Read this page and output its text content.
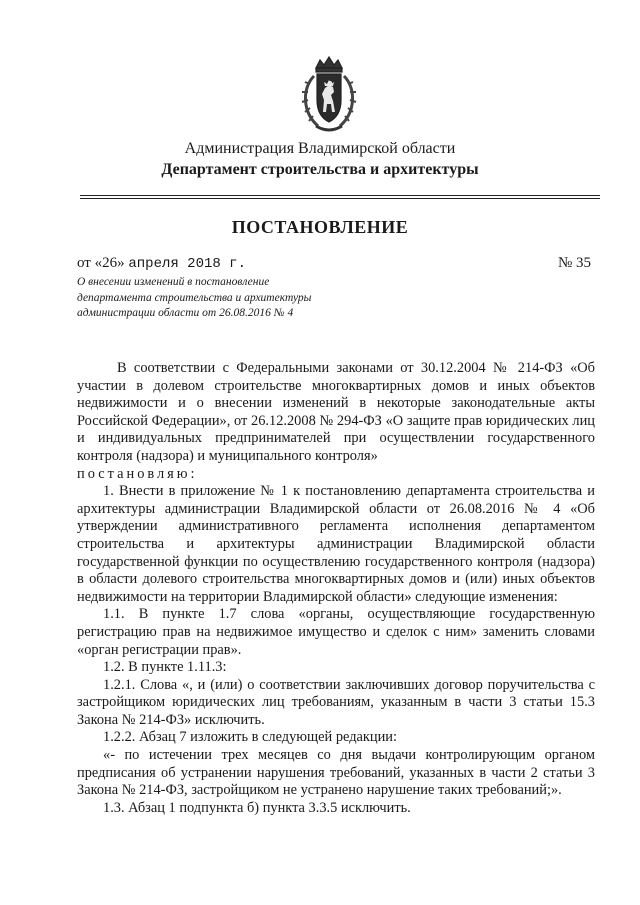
Администрация Владимирской области
Департамент строительства и архитектуры
ПОСТАНОВЛЕНИЕ
от «26» апреля 2018 г.	№ 35
О внесении изменений в постановление
департамента строительства и архитектуры
администрации области от 26.08.2016 № 4

В соответствии с Федеральными законами от 30.12.2004 № 214-ФЗ «Об участии в долевом строительстве многоквартирных домов и иных объектов недвижимости и о внесении изменений в некоторые законодательные акты Российской Федерации», от 26.12.2008 № 294-ФЗ «О защите прав юридических лиц и индивидуальных предпринимателей при осуществлении государственного контроля (надзора) и муниципального контроля»

постановляю:

1. Внести в приложение № 1 к постановлению департамента строительства и архитектуры администрации Владимирской области от 26.08.2016 № 4 «Об утверждении административного регламента исполнения департаментом строительства и архитектуры администрации Владимирской области государственной функции по осуществлению государственного контроля (надзора) в области долевого строительства многоквартирных домов и (или) иных объектов недвижимости на территории Владимирской области» следующие изменения:

1.1. В пункте 1.7 слова «органы, осуществляющие государственную регистрацию прав на недвижимое имущество и сделок с ним» заменить словами «орган регистрации прав».

1.2. В пункте 1.11.3:

1.2.1. Слова «, и (или) о соответствии заключивших договор поручительства с застройщиком юридических лиц требованиям, указанным в части 3 статьи 15.3 Закона № 214-ФЗ» исключить.

1.2.2. Абзац 7 изложить в следующей редакции:

«- по истечении трех месяцев со дня выдачи контролирующим органом предписания об устранении нарушения требований, указанных в части 2 статьи 3 Закона № 214-ФЗ, застройщиком не устранено нарушение таких требований;».

1.3. Абзац 1 подпункта б) пункта 3.3.5 исключить.
